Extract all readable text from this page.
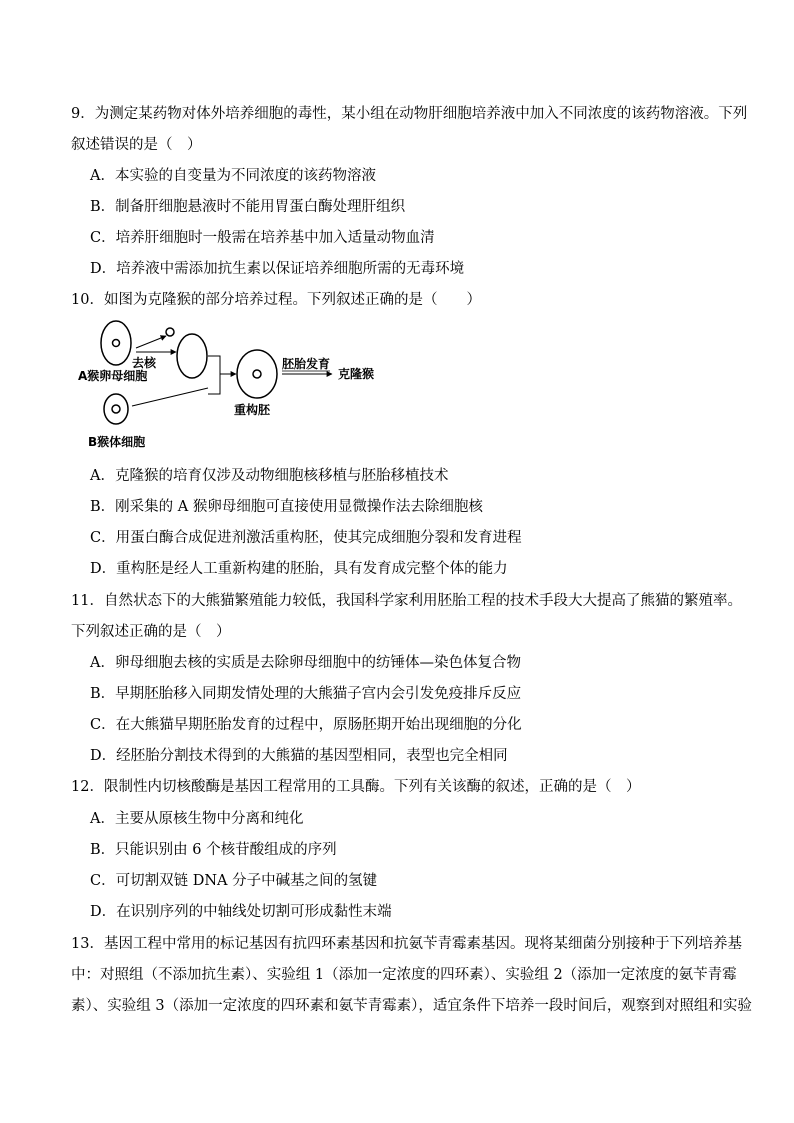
9．为测定某药物对体外培养细胞的毒性，某小组在动物肝细胞培养液中加入不同浓度的该药物溶液。下列
叙述错误的是（　）
A．本实验的自变量为不同浓度的该药物溶液
B．制备肝细胞悬液时不能用胃蛋白酶处理肝组织
C．培养肝细胞时一般需在培养基中加入适量动物血清
D．培养液中需添加抗生素以保证培养细胞所需的无毒环境
10．如图为克隆猴的部分培养过程。下列叙述正确的是（　　）
去核
A猴卵母细胞
B猴体细胞
重构胚
胚胎发育
克隆猴
A．克隆猴的培育仅涉及动物细胞核移植与胚胎移植技术
B．刚采集的 A 猴卵母细胞可直接使用显微操作法去除细胞核
C．用蛋白酶合成促进剂激活重构胚，使其完成细胞分裂和发育进程
D．重构胚是经人工重新构建的胚胎，具有发育成完整个体的能力
11．自然状态下的大熊猫繁殖能力较低，我国科学家利用胚胎工程的技术手段大大提高了熊猫的繁殖率。
下列叙述正确的是（　）
A．卵母细胞去核的实质是去除卵母细胞中的纺锤体—染色体复合物
B．早期胚胎移入同期发情处理的大熊猫子宫内会引发免疫排斥反应
C．在大熊猫早期胚胎发育的过程中，原肠胚期开始出现细胞的分化
D．经胚胎分割技术得到的大熊猫的基因型相同，表型也完全相同
12．限制性内切核酸酶是基因工程常用的工具酶。下列有关该酶的叙述，正确的是（　）
A．主要从原核生物中分离和纯化
B．只能识别由 6 个核苷酸组成的序列
C．可切割双链 DNA 分子中碱基之间的氢键
D．在识别序列的中轴线处切割可形成黏性末端
13．基因工程中常用的标记基因有抗四环素基因和抗氨苄青霉素基因。现将某细菌分别接种于下列培养基
中：对照组（不添加抗生素）、实验组 1（添加一定浓度的四环素）、实验组 2（添加一定浓度的氨苄青霉
素）、实验组 3（添加一定浓度的四环素和氨苄青霉素），适宜条件下培养一段时间后，观察到对照组和实验
